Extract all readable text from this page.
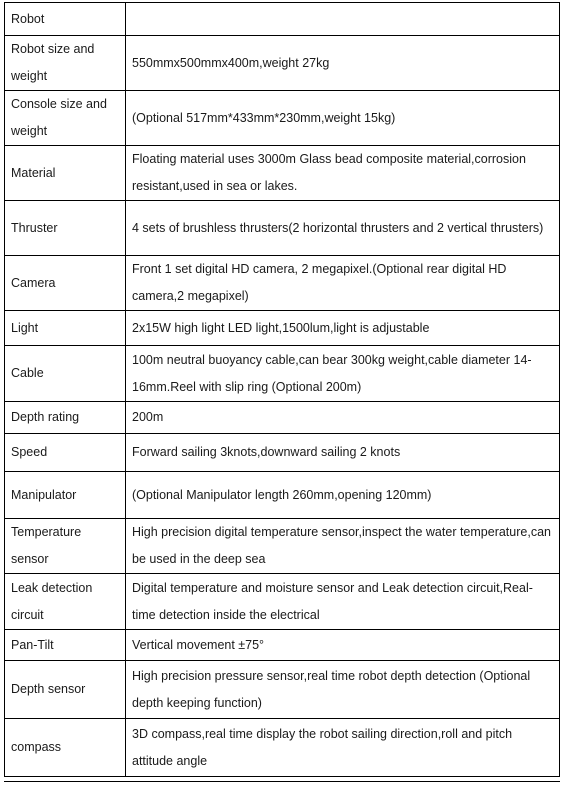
Robot	
Robot size and weight	550mmx500mmx400m,weight 27kg
Console size and weight	(Optional 517mm*433mm*230mm,weight 15kg)
Material	Floating material uses 3000m Glass bead composite material,corrosion resistant,used in sea or lakes.
Thruster	4 sets of brushless thrusters(2 horizontal thrusters and 2 vertical thrusters)
Camera	Front 1 set digital HD camera, 2 megapixel.(Optional rear digital HD camera,2 megapixel)
Light	2x15W high light LED light,1500lum,light is adjustable
Cable	100m neutral buoyancy cable,can bear 300kg weight,cable diameter 14-16mm.Reel with slip ring (Optional 200m)
Depth rating	200m
Speed	Forward sailing 3knots,downward sailing 2 knots
Manipulator	(Optional Manipulator length 260mm,opening 120mm)
Temperature sensor	High precision digital temperature sensor,inspect the water temperature,can be used in the deep sea
Leak detection circuit	Digital temperature and moisture sensor and Leak detection circuit,Real-time detection inside the electrical
Pan-Tilt	Vertical movement ±75°
Depth sensor	High precision pressure sensor,real time robot depth detection (Optional depth keeping function)
compass	3D compass,real time display the robot sailing direction,roll and pitch attitude angle
